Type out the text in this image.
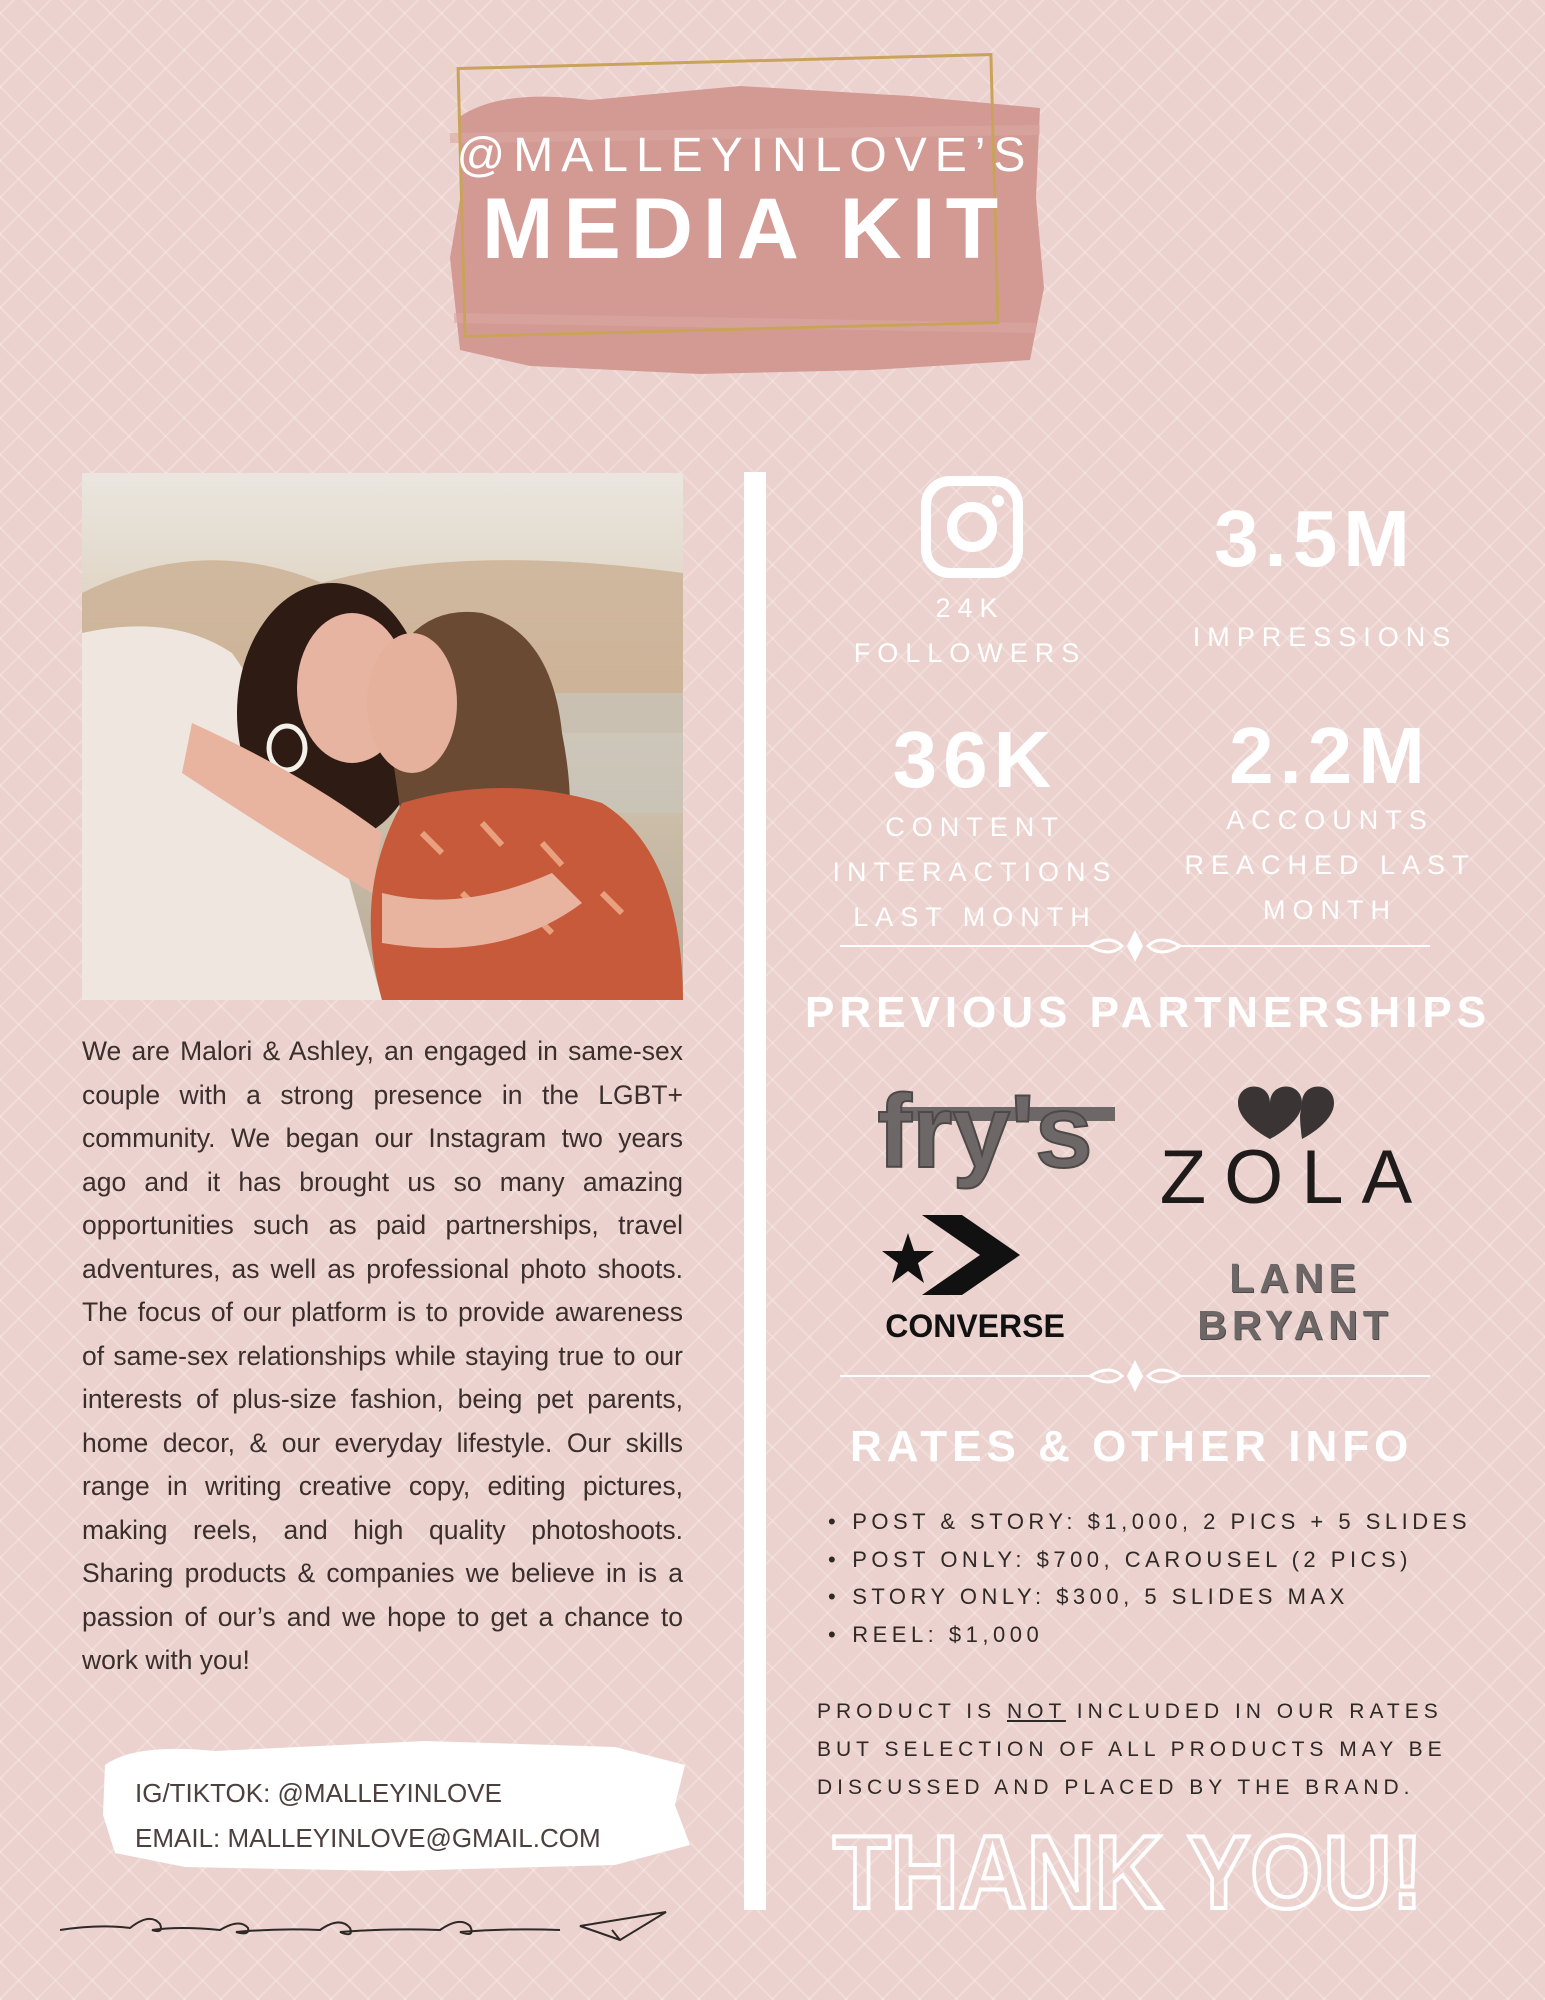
@MALLEYINLOVE’S
MEDIA KIT

We are Malori & Ashley, an engaged in same-sex couple with a strong presence in the LGBT+ community. We began our Instagram two years ago and it has brought us so many amazing opportunities such as paid partnerships, travel adventures, as well as professional photo shoots. The focus of our platform is to provide awareness of same-sex relationships while staying true to our interests of plus-size fashion, being pet parents, home decor, & our everyday lifestyle. Our skills range in writing creative copy, editing pictures, making reels, and high quality photoshoots. Sharing products & companies we believe in is a passion of our’s and we hope to get a chance to work with you!

IG/TIKTOK: @MALLEYINLOVE
EMAIL: MALLEYINLOVE@GMAIL.COM
24K
FOLLOWERS
3.5M
IMPRESSIONS
36K
CONTENT
INTERACTIONS
LAST MONTH
2.2M
ACCOUNTS
REACHED LAST
MONTH
PREVIOUS PARTNERSHIPS
fry's ZOLA
CONVERSE
LANE BRYANT
RATES & OTHER INFO
• POST & STORY: $1,000, 2 PICS + 5 SLIDES
• POST ONLY: $700, CAROUSEL (2 PICS)
• STORY ONLY: $300, 5 SLIDES MAX
• REEL: $1,000

PRODUCT IS NOT INCLUDED IN OUR RATES BUT SELECTION OF ALL PRODUCTS MAY BE DISCUSSED AND PLACED BY THE BRAND.

THANK YOU!
